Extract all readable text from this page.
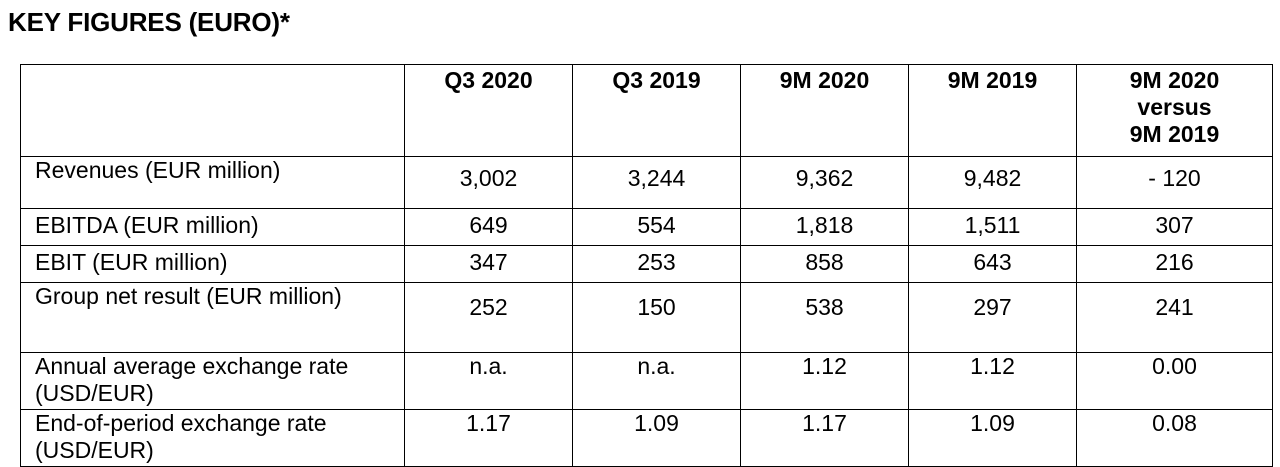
KEY FIGURES (EURO)*
	Q3 2020	Q3 2019	9M 2020	9M 2019	9M 2020
versus
9M 2019

Revenues (EUR million)	3,002	3,244	9,362	9,482	- 120
EBITDA (EUR million)	649	554	1,818	1,511	307
EBIT (EUR million)	347	253	858	643	216
Group net result (EUR million)	252	150	538	297	241
Annual average exchange rate (USD/EUR)	n.a.	n.a.	1.12	1.12	0.00
End-of-period exchange rate (USD/EUR)	1.17	1.09	1.17	1.09	0.08
